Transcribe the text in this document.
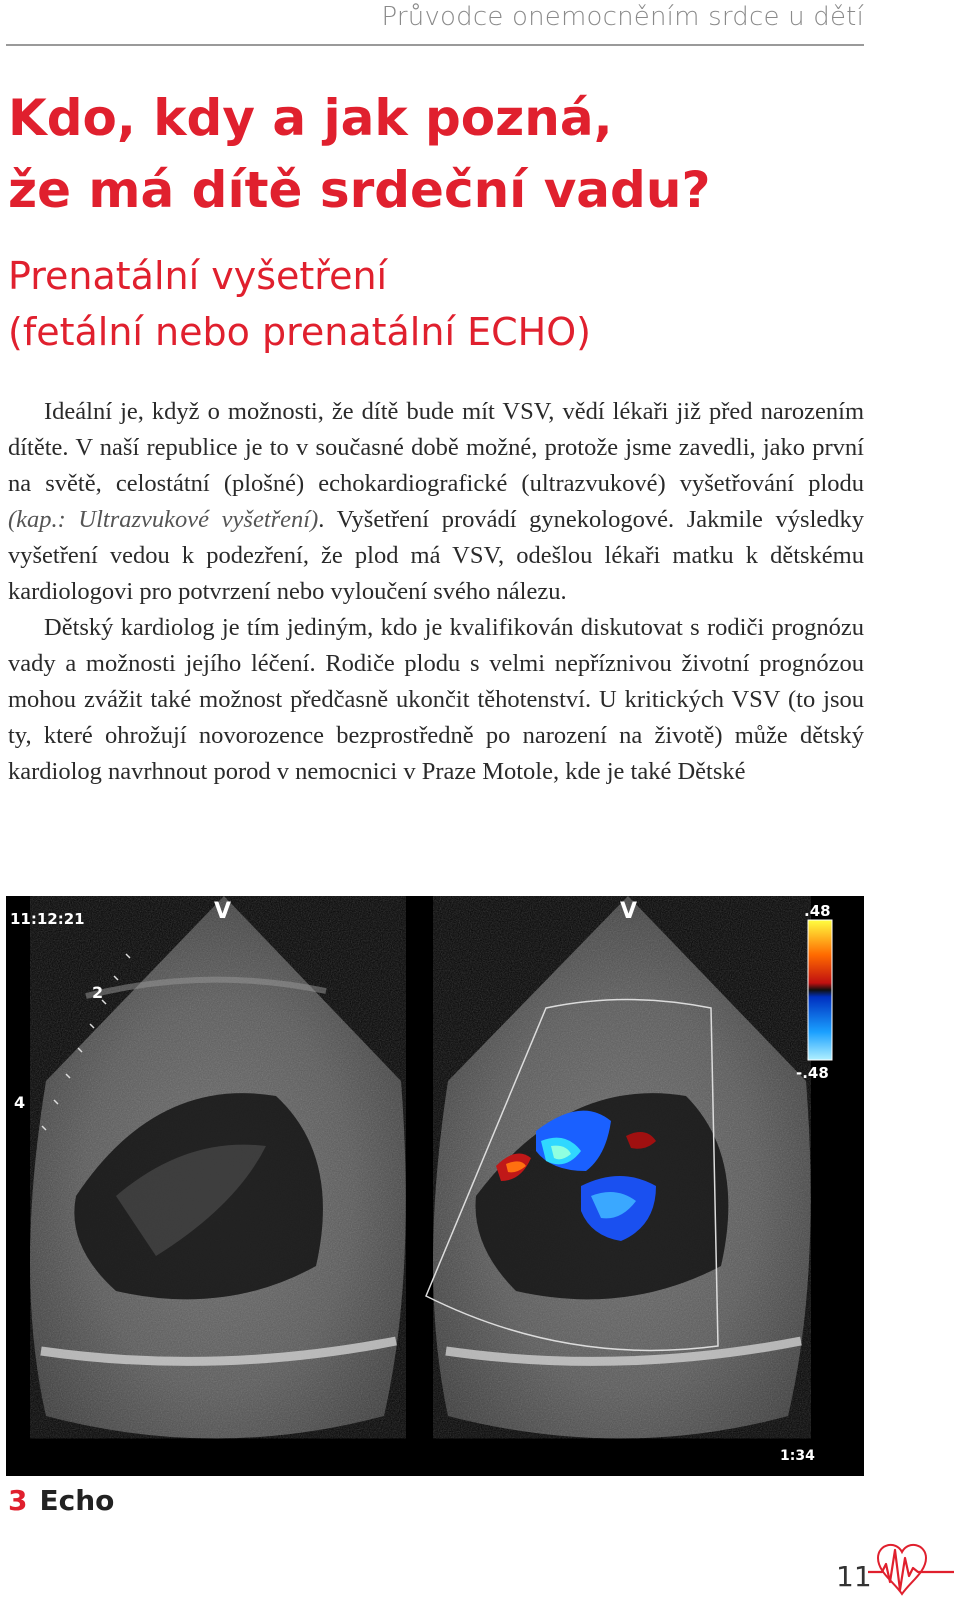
Průvodce onemocněním srdce u dětí
Kdo, kdy a jak pozná,
že má dítě srdeční vadu?
Prenatální vyšetření
(fetální nebo prenatální ECHO)

Ideální je, když o možnosti, že dítě bude mít VSV, vědí lékaři již před narozením dítěte. V naší republice je to v současné době možné, protože jsme zavedli, jako první na světě, celostátní (plošné) echokardiografické (ultrazvukové) vyšetřování plodu (kap.: Ultrazvukové vyšetření). Vyšetření provádí gynekologové. Jakmile výsledky vyšetření vedou k podezření, že plod má VSV, odešlou lékaři matku k dětskému kardiologovi pro potvrzení nebo vyloučení svého nálezu.

Dětský kardiolog je tím jediným, kdo je kvalifikován diskutovat s rodiči prognózu vady a možnosti jejího léčení. Rodiče plodu s velmi nepříznivou životní prognózou mohou zvážit také možnost předčasně ukončit těhotenství. U kritických VSV (to jsou ty, které ohrožují novorozence bezprostředně po narození na životě) může dětský kardiolog navrhnout porod v nemocnici v Praze Motole, kde je také Dětské

11:12:21	V	V
2
4
.48
-.48
1:34
3 Echo
11
